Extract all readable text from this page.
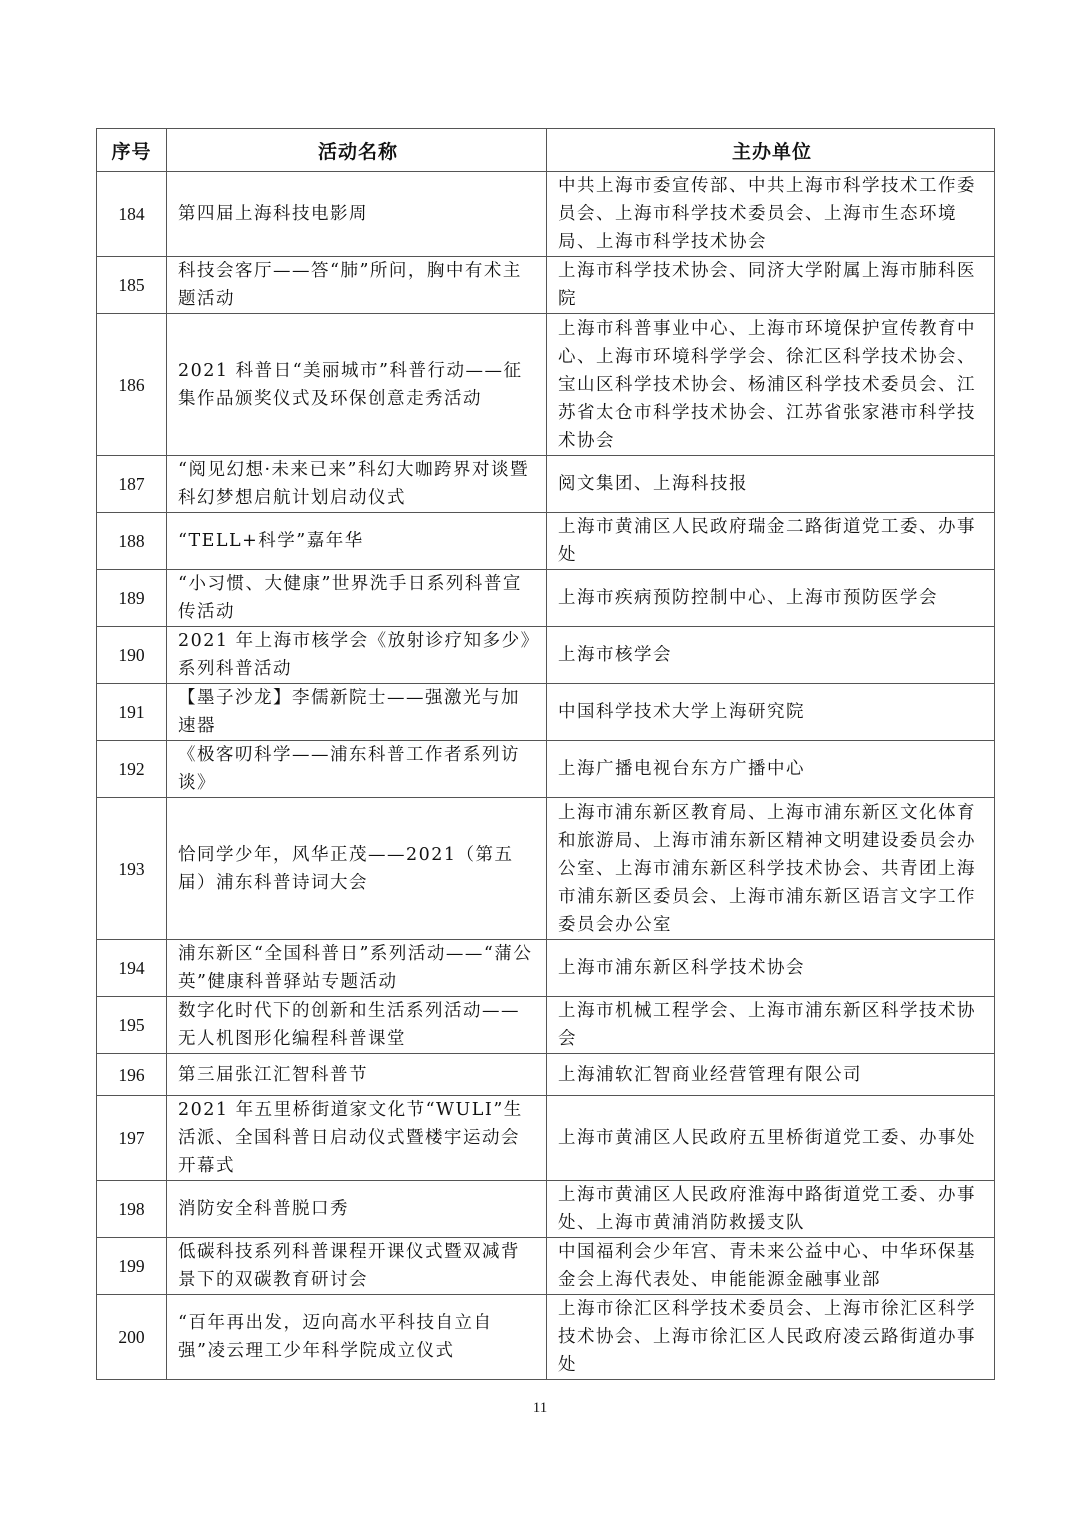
序号	活动名称	主办单位

184	第四届上海科技电影周	中共上海市委宣传部、中共上海市科学技术工作委员会、上海市科学技术委员会、上海市生态环境局、上海市科学技术协会

185	科技会客厅——答“肺”所问，胸中有术主题活动	上海市科学技术协会、同济大学附属上海市肺科医院

186	2021 科普日“美丽城市”科普行动——征集作品颁奖仪式及环保创意走秀活动	上海市科普事业中心、上海市环境保护宣传教育中心、上海市环境科学学会、徐汇区科学技术协会、宝山区科学技术协会、杨浦区科学技术委员会、江苏省太仓市科学技术协会、江苏省张家港市科学技术协会

187	“阅见幻想·未来已来”科幻大咖跨界对谈暨科幻梦想启航计划启动仪式	阅文集团、上海科技报

188	“TELL+科学”嘉年华	上海市黄浦区人民政府瑞金二路街道党工委、办事处

189	“小习惯、大健康”世界洗手日系列科普宣传活动	上海市疾病预防控制中心、上海市预防医学会

190	2021 年上海市核学会《放射诊疗知多少》系列科普活动	上海市核学会

191	【墨子沙龙】李儒新院士——强激光与加速器	中国科学技术大学上海研究院

192	《极客叨科学——浦东科普工作者系列访谈》	上海广播电视台东方广播中心

193	恰同学少年，风华正茂——2021（第五届）浦东科普诗词大会	上海市浦东新区教育局、上海市浦东新区文化体育和旅游局、上海市浦东新区精神文明建设委员会办公室、上海市浦东新区科学技术协会、共青团上海市浦东新区委员会、上海市浦东新区语言文字工作委员会办公室

194	浦东新区“全国科普日”系列活动——“蒲公英”健康科普驿站专题活动	上海市浦东新区科学技术协会

195	数字化时代下的创新和生活系列活动——无人机图形化编程科普课堂	上海市机械工程学会、上海市浦东新区科学技术协会

196	第三届张江汇智科普节	上海浦软汇智商业经营管理有限公司

197	2021 年五里桥街道家文化节“WULI”生活派、全国科普日启动仪式暨楼宇运动会开幕式	上海市黄浦区人民政府五里桥街道党工委、办事处

198	消防安全科普脱口秀	上海市黄浦区人民政府淮海中路街道党工委、办事处、上海市黄浦消防救援支队

199	低碳科技系列科普课程开课仪式暨双减背景下的双碳教育研讨会	中国福利会少年宫、青未来公益中心、中华环保基金会上海代表处、申能能源金融事业部

200	“百年再出发，迈向高水平科技自立自强”凌云理工少年科学院成立仪式	上海市徐汇区科学技术委员会、上海市徐汇区科学技术协会、上海市徐汇区人民政府凌云路街道办事处
11
